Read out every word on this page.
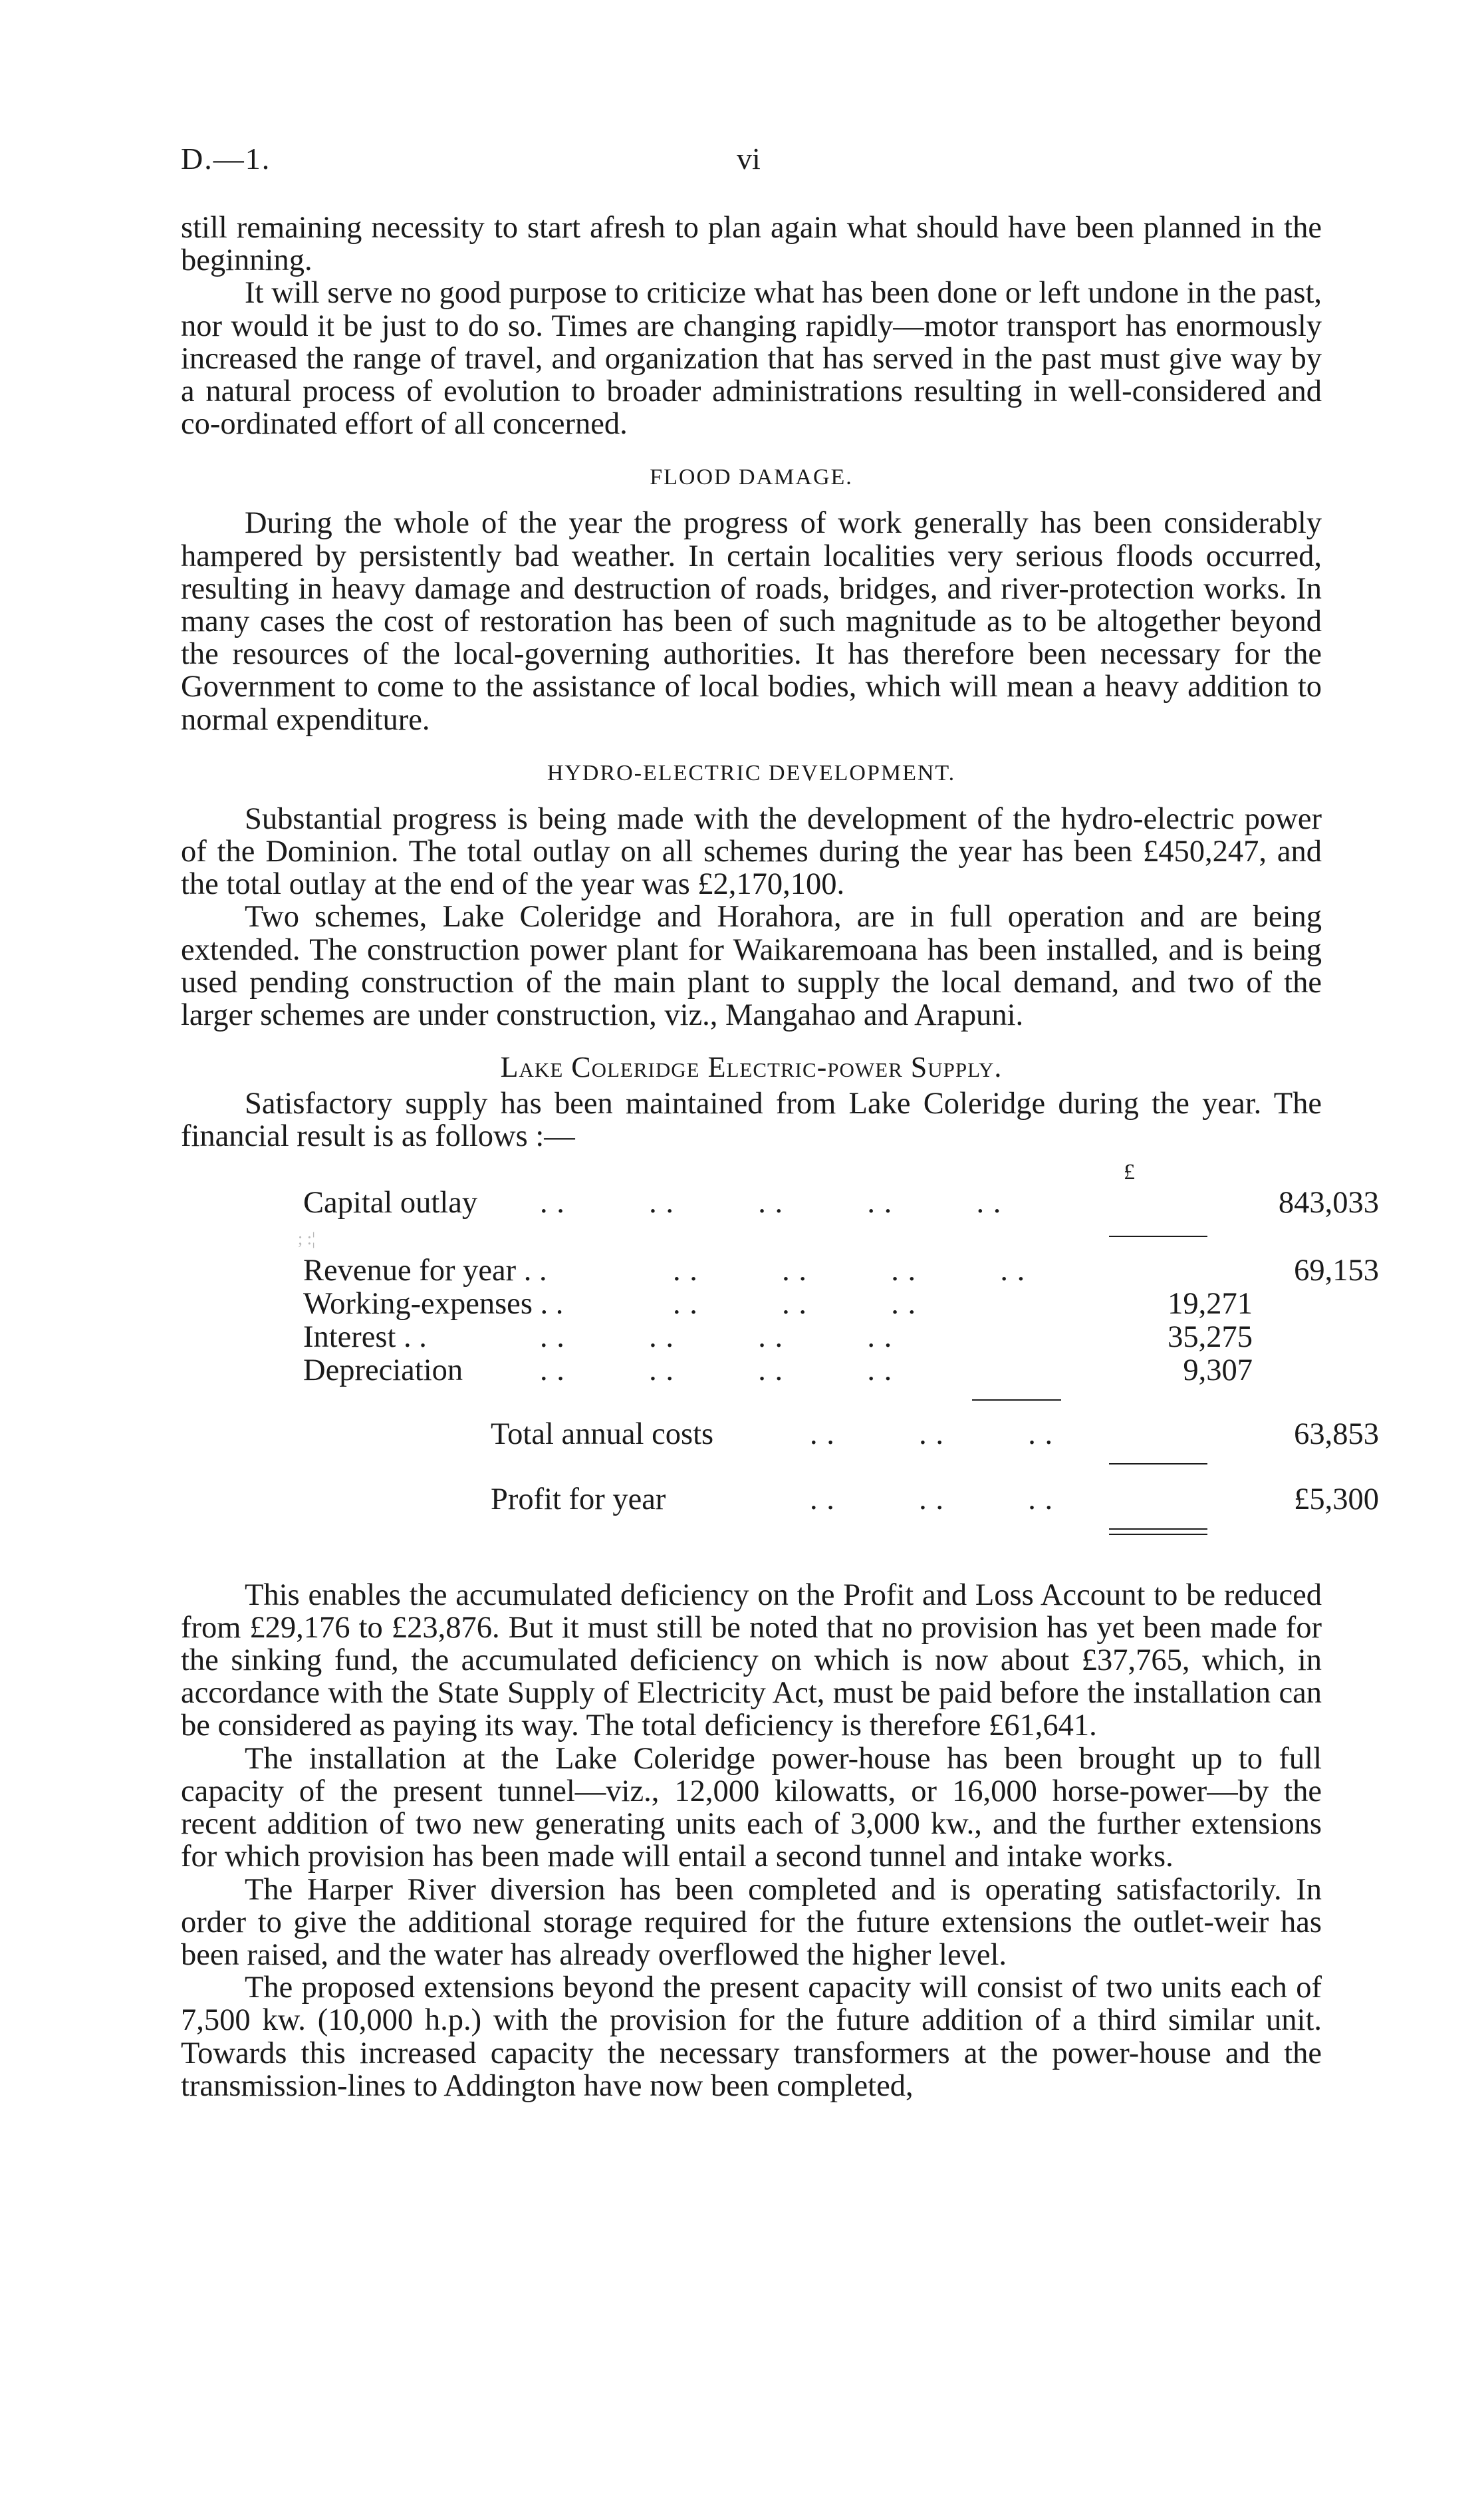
D.—1.	vi

still remaining necessity to start afresh to plan again what should have been planned in the beginning.

It will serve no good purpose to criticize what has been done or left undone in the past, nor would it be just to do so. Times are changing rapidly—motor transport has enormously increased the range of travel, and organization that has served in the past must give way by a natural process of evolution to broader administrations resulting in well-considered and co-ordinated effort of all concerned.

FLOOD DAMAGE.

During the whole of the year the progress of work generally has been considerably hampered by persistently bad weather. In certain localities very serious floods occurred, resulting in heavy damage and destruction of roads, bridges, and river-protection works. In many cases the cost of restoration has been of such magnitude as to be altogether beyond the resources of the local-governing authorities. It has therefore been necessary for the Government to come to the assistance of local bodies, which will mean a heavy addition to normal expenditure.

HYDRO-ELECTRIC DEVELOPMENT.

Substantial progress is being made with the development of the hydro-electric power of the Dominion. The total outlay on all schemes during the year has been £450,247, and the total outlay at the end of the year was £2,170,100.

Two schemes, Lake Coleridge and Horahora, are in full operation and are being extended. The construction power plant for Waikaremoana has been installed, and is being used pending construction of the main plant to supply the local demand, and two of the larger schemes are under construction, viz., Mangahao and Arapuni.

Lake Coleridge Electric-power Supply.

Satisfactory supply has been maintained from Lake Coleridge during the year. The financial result is as follows :—

£
Capital outlay . .          . .          . .          . .          . .	843,033
; :¦
Revenue for year . .	. .          . .          . .          . .	69,153
Working-expenses . .	. .          . .          . .	19,271
Interest . .	. .          . .          . .          . .	35,275
Depreciation . .          . .          . .          . .	9,307
Total annual costs	. .          . .          . .	63,853
Profit for year	. .          . .          . .	£5,300

This enables the accumulated deficiency on the Profit and Loss Account to be reduced from £29,176 to £23,876. But it must still be noted that no provision has yet been made for the sinking fund, the accumulated deficiency on which is now about £37,765, which, in accordance with the State Supply of Electricity Act, must be paid before the installation can be considered as paying its way. The total deficiency is therefore £61,641.

The installation at the Lake Coleridge power-house has been brought up to full capacity of the present tunnel—viz., 12,000 kilowatts, or 16,000 horse-power—by the recent addition of two new generating units each of 3,000 kw., and the further extensions for which provision has been made will entail a second tunnel and intake works.

The Harper River diversion has been completed and is operating satisfactorily. In order to give the additional storage required for the future extensions the outlet-weir has been raised, and the water has already overflowed the higher level.

The proposed extensions beyond the present capacity will consist of two units each of 7,500 kw. (10,000 h.p.) with the provision for the future addition of a third similar unit. Towards this increased capacity the necessary transformers at the power-house and the transmission-lines to Addington have now been completed,
